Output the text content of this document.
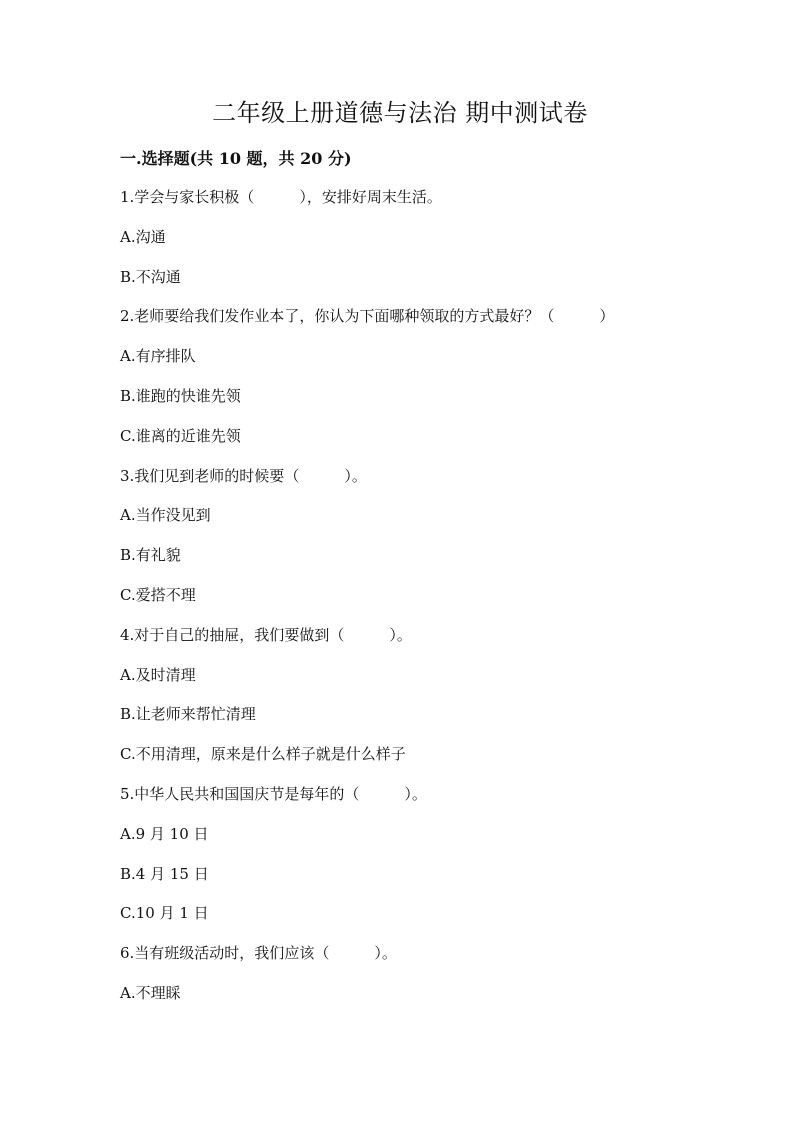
二年级上册道德与法治 期中测试卷
一.选择题(共 10 题，共 20 分)
1.学会与家长积极（　　　），安排好周末生活。
A.沟通
B.不沟通
2.老师要给我们发作业本了，你认为下面哪种领取的方式最好？（　　　）
A.有序排队
B.谁跑的快谁先领
C.谁离的近谁先领
3.我们见到老师的时候要（　　　）。
A.当作没见到
B.有礼貌
C.爱搭不理
4.对于自己的抽屉，我们要做到（　　　）。
A.及时清理
B.让老师来帮忙清理
C.不用清理，原来是什么样子就是什么样子
5.中华人民共和国国庆节是每年的（　　　）。
A.9 月 10 日
B.4 月 15 日
C.10 月 1 日
6.当有班级活动时，我们应该（　　　）。
A.不理睬
